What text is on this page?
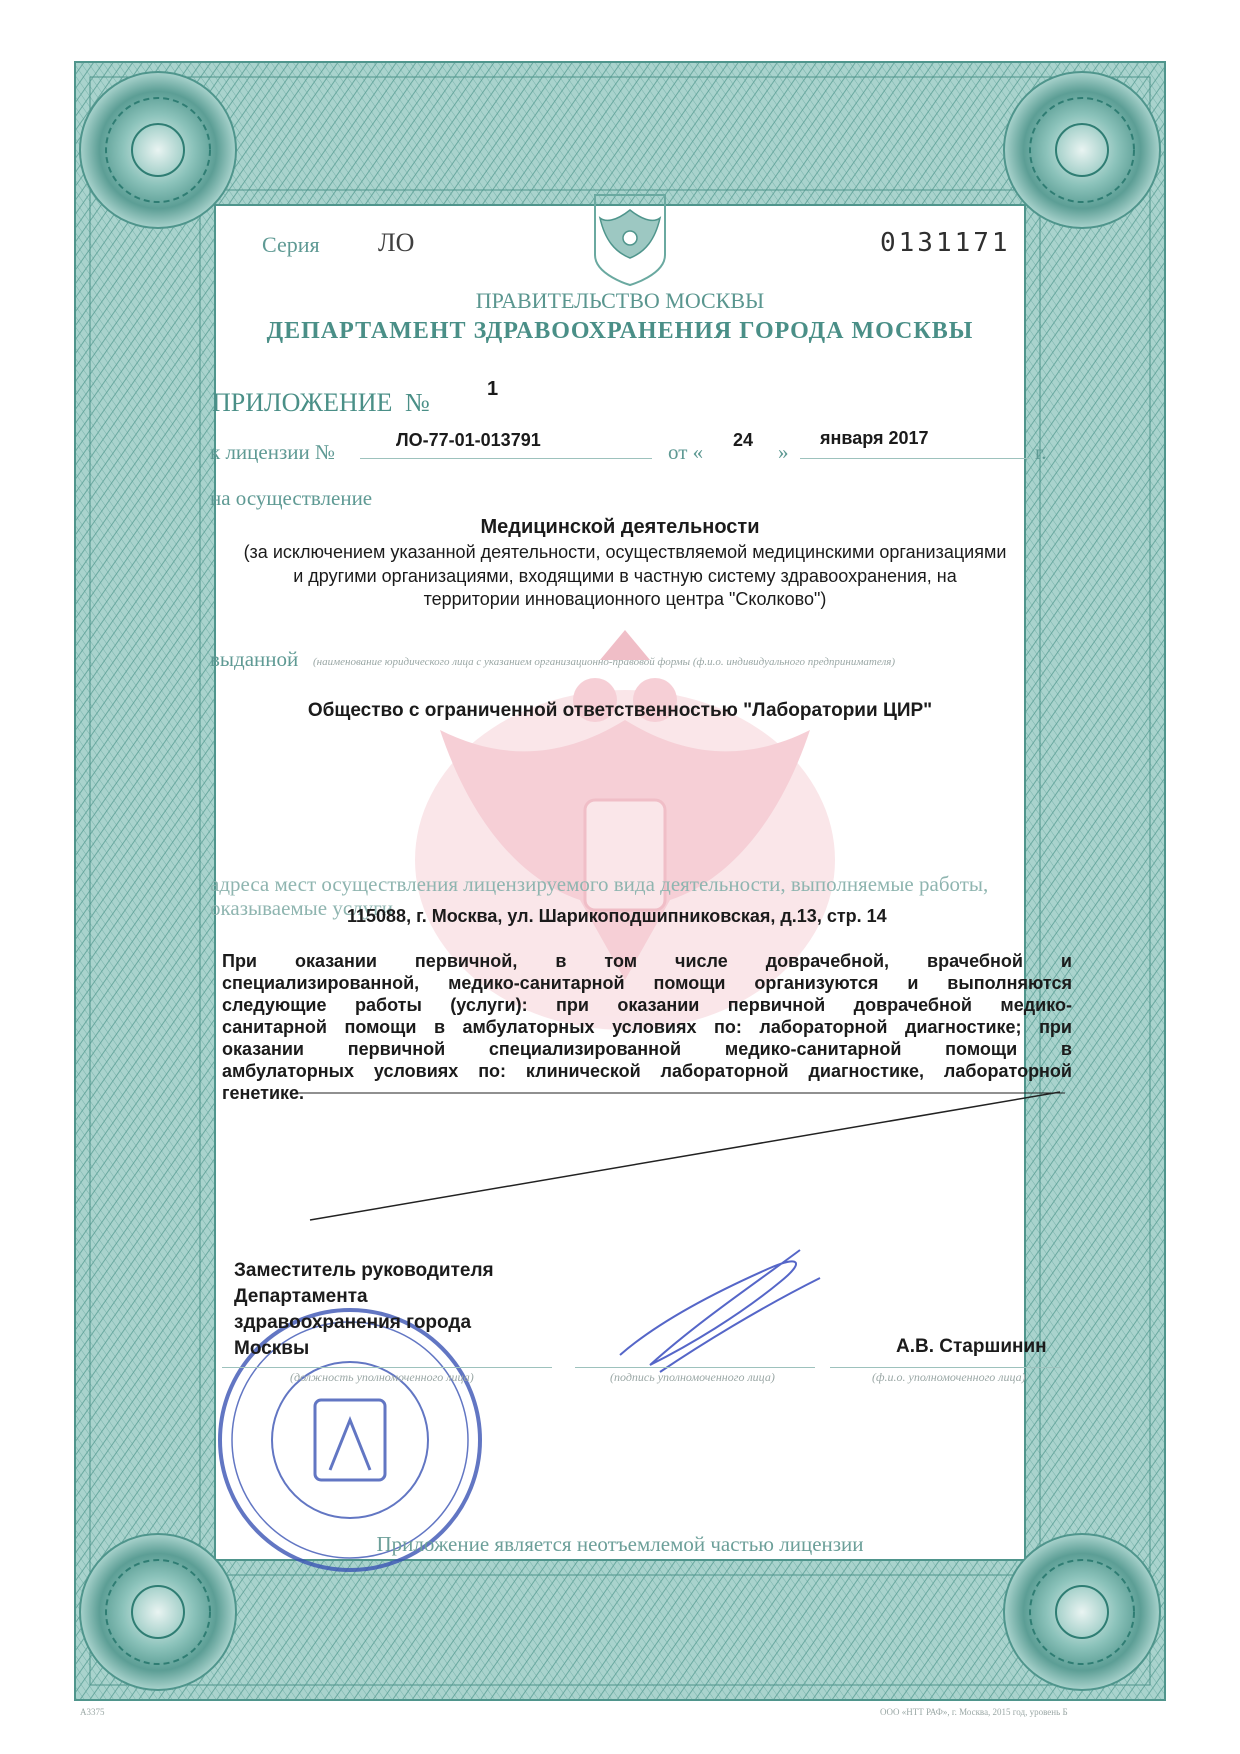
Серия ЛО	0131171
ПРАВИТЕЛЬСТВО МОСКВЫ
ДЕПАРТАМЕНТ ЗДРАВООХРАНЕНИЯ ГОРОДА МОСКВЫ
ПРИЛОЖЕНИЕ №	1
к лицензии №	ЛО-77-01-013791	от « 24 »
января 2017
г.
на осуществление
Медицинской деятельности
(за исключением указанной деятельности, осуществляемой медицинскими организациями
и другими организациями, входящими в частную систему здравоохранения, на
территории инновационного центра "Сколково")
выданной (наименование юридического лица с указанием организационно-правовой формы (ф.и.о. индивидуального предпринимателя)
Общество с ограниченной ответственностью "Лаборатории ЦИР"
адреса мест осуществления лицензируемого вида деятельности, выполняемые работы,
оказываемые услуги
115088, г. Москва, ул. Шарикоподшипниковская, д.13, стр. 14
При оказании первичной, в том числе доврачебной, врачебной и
специализированной, медико-санитарной помощи организуются и выполняются
следующие работы (услуги): при оказании первичной доврачебной медико-
санитарной помощи в амбулаторных условиях по: лабораторной диагностике; при
оказании первичной специализированной медико-санитарной помощи в
амбулаторных условиях по: клинической лабораторной диагностике, лабораторной
генетике.
Заместитель руководителя
Департамента
здравоохранения города
Москвы	А.В. Старшинин
(должность уполномоченного лица)	(подпись уполномоченного лица)	(ф.и.о. уполномоченного лица)
Приложение является неотъемлемой частью лицензии
А3375	ООО «НТТ РАФ», г. Москва, 2015 год, уровень Б
